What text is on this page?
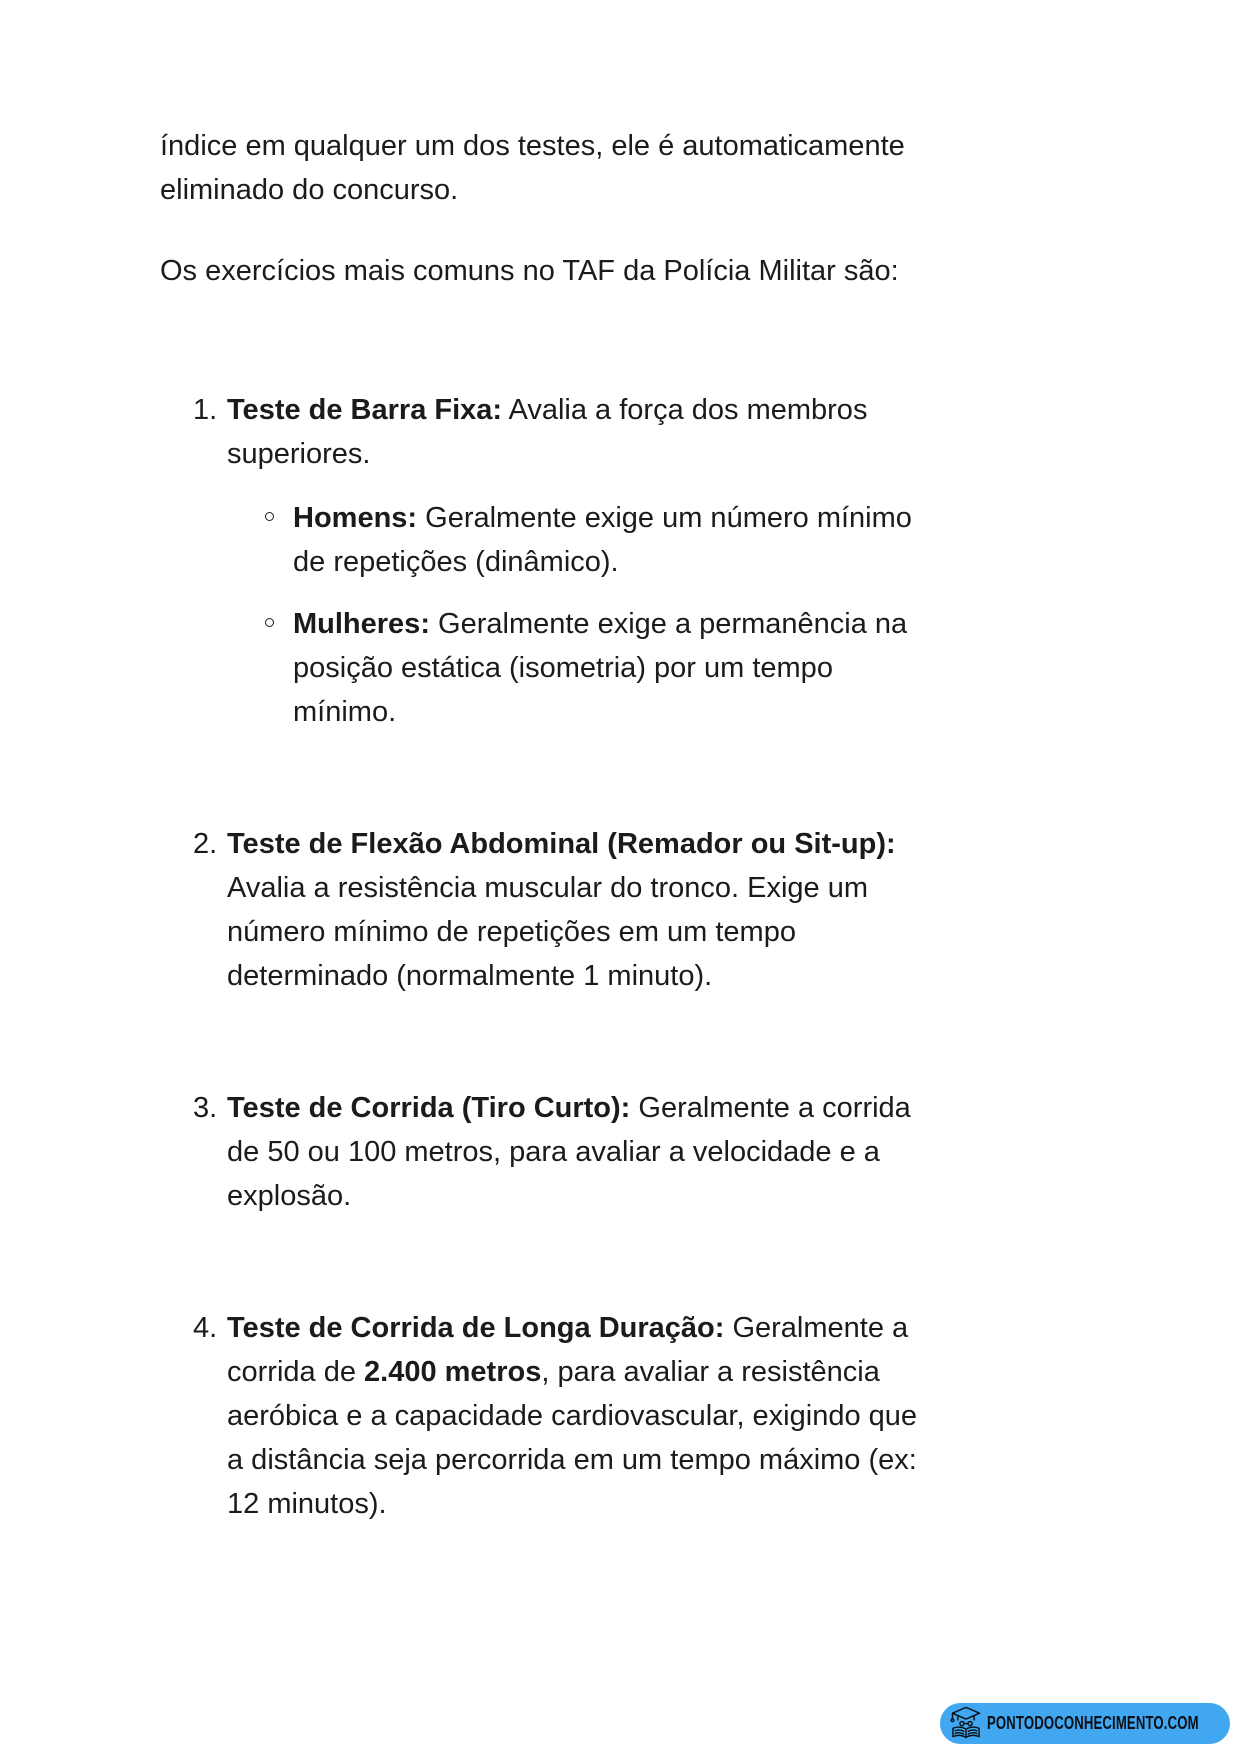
índice em qualquer um dos testes, ele é automaticamente eliminado do concurso.

Os exercícios mais comuns no TAF da Polícia Militar são:

1. Teste de Barra Fixa: Avalia a força dos membros superiores.
Homens: Geralmente exige um número mínimo de repetições (dinâmico).
Mulheres: Geralmente exige a permanência na posição estática (isometria) por um tempo mínimo.
2. Teste de Flexão Abdominal (Remador ou Sit-up): Avalia a resistência muscular do tronco. Exige um número mínimo de repetições em um tempo determinado (normalmente 1 minuto).
3. Teste de Corrida (Tiro Curto): Geralmente a corrida de 50 ou 100 metros, para avaliar a velocidade e a explosão.
4. Teste de Corrida de Longa Duração: Geralmente a corrida de 2.400 metros, para avaliar a resistência aeróbica e a capacidade cardiovascular, exigindo que a distância seja percorrida em um tempo máximo (ex: 12 minutos).
PONTODOCONHECIMENTO.COM
